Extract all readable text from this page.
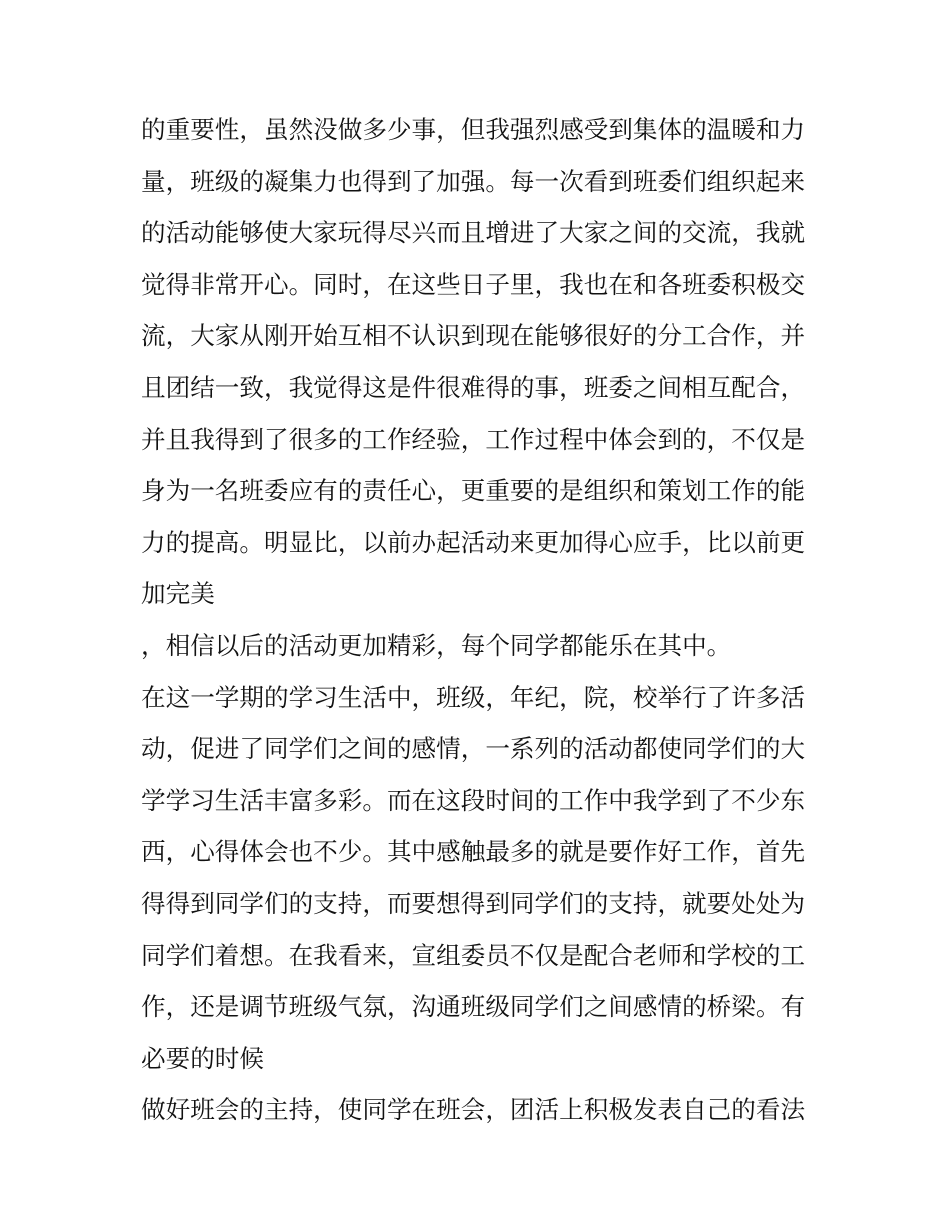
的重要性，虽然没做多少事，但我强烈感受到集体的温暖和力
量，班级的凝集力也得到了加强。每一次看到班委们组织起来
的活动能够使大家玩得尽兴而且增进了大家之间的交流，我就
觉得非常开心。同时，在这些日子里，我也在和各班委积极交
流，大家从刚开始互相不认识到现在能够很好的分工合作，并
且团结一致，我觉得这是件很难得的事，班委之间相互配合，
并且我得到了很多的工作经验，工作过程中体会到的，不仅是
身为一名班委应有的责任心，更重要的是组织和策划工作的能
力的提高。明显比，以前办起活动来更加得心应手，比以前更
加完美
，相信以后的活动更加精彩，每个同学都能乐在其中。
在这一学期的学习生活中，班级，年纪，院，校举行了许多活
动，促进了同学们之间的感情，一系列的活动都使同学们的大
学学习生活丰富多彩。而在这段时间的工作中我学到了不少东
西，心得体会也不少。其中感触最多的就是要作好工作，首先
得得到同学们的支持，而要想得到同学们的支持，就要处处为
同学们着想。在我看来，宣组委员不仅是配合老师和学校的工
作，还是调节班级气氛，沟通班级同学们之间感情的桥梁。有
必要的时候
做好班会的主持，使同学在班会，团活上积极发表自己的看法
